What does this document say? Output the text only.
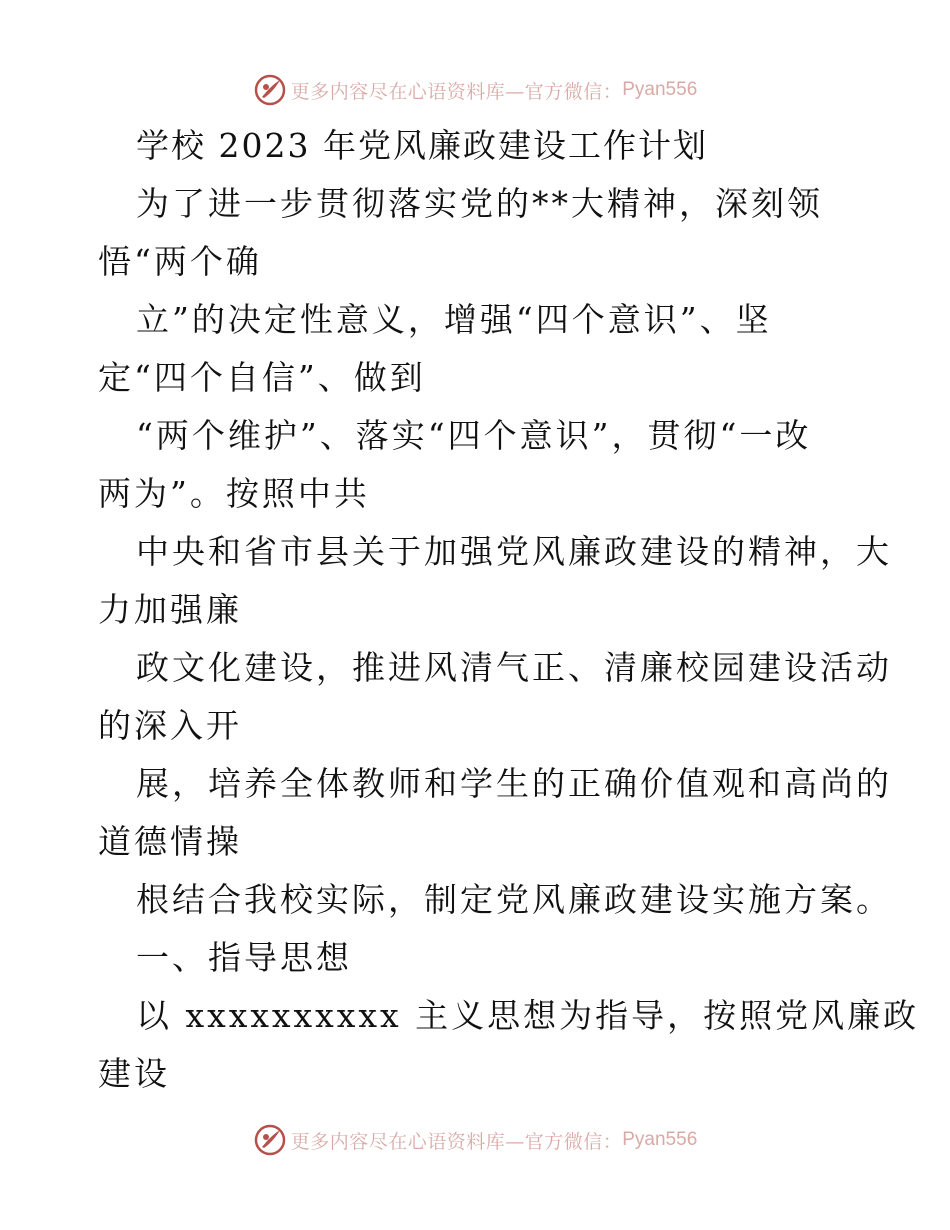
更多内容尽在心语资料库—官方微信： Pyan556
学校 2023 年党风廉政建设工作计划
为了进一步贯彻落实党的**大精神，深刻领
悟“两个确
立”的决定性意义，增强“四个意识”、坚
定“四个自信”、做到
“两个维护”、落实“四个意识”，贯彻“一改
两为”。按照中共
中央和省市县关于加强党风廉政建设的精神，大
力加强廉
政文化建设，推进风清气正、清廉校园建设活动
的深入开
展，培养全体教师和学生的正确价值观和高尚的
道德情操
根结合我校实际，制定党风廉政建设实施方案。
一、指导思想
以 xxxxxxxxxx 主义思想为指导，按照党风廉政
建设
更多内容尽在心语资料库—官方微信： Pyan556
